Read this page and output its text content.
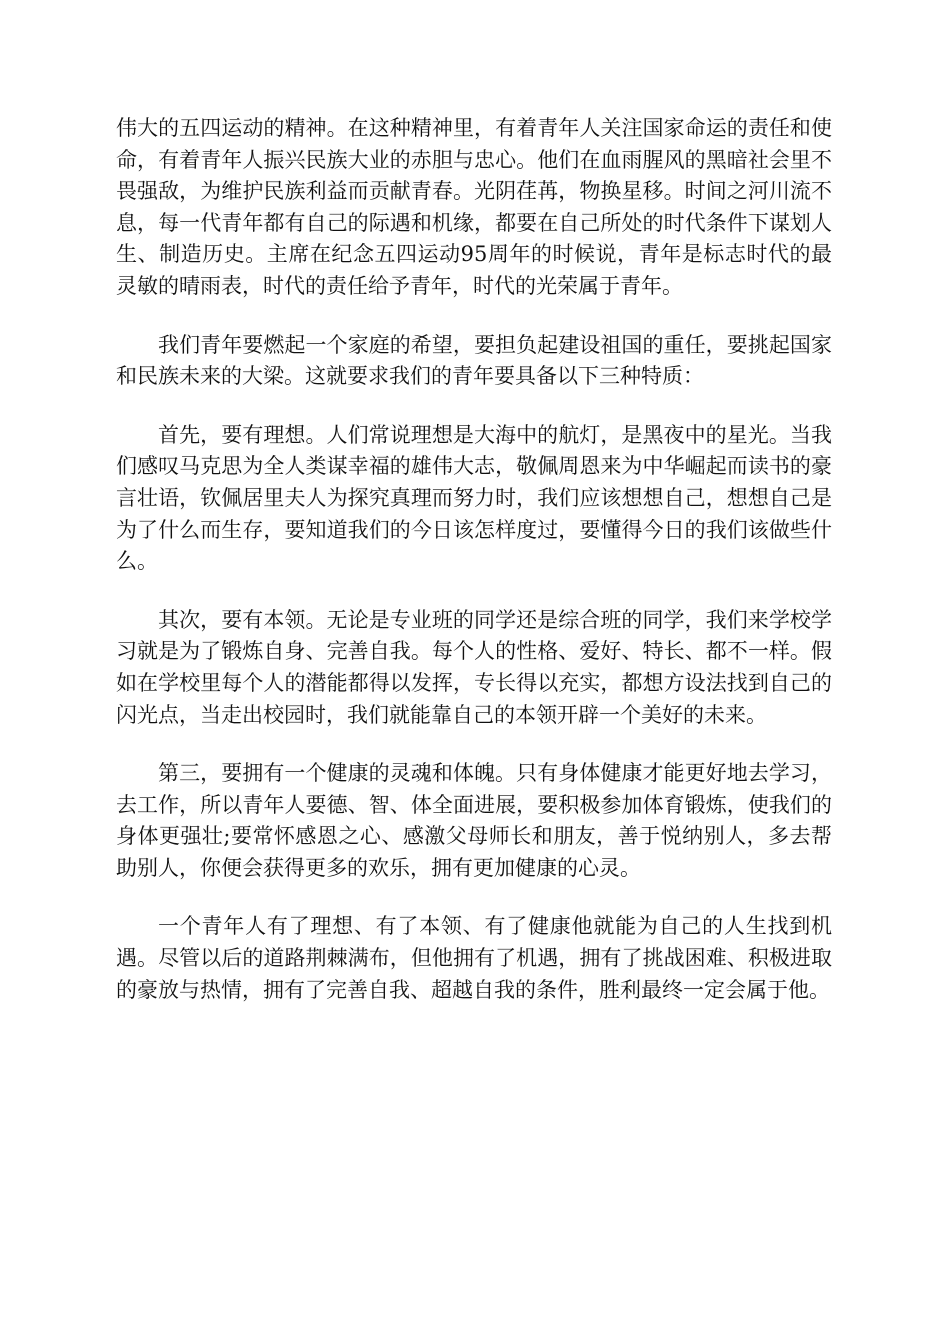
伟大的五四运动的精神。在这种精神里，有着青年人关注国家命运的责任和使命，有着青年人振兴民族大业的赤胆与忠心。他们在血雨腥风的黑暗社会里不畏强敌，为维护民族利益而贡献青春。光阴荏苒，物换星移。时间之河川流不息，每一代青年都有自己的际遇和机缘，都要在自己所处的时代条件下谋划人生、制造历史。主席在纪念五四运动95周年的时候说，青年是标志时代的最灵敏的晴雨表，时代的责任给予青年，时代的光荣属于青年。

我们青年要燃起一个家庭的希望，要担负起建设祖国的重任，要挑起国家和民族未来的大梁。这就要求我们的青年要具备以下三种特质：

首先，要有理想。人们常说理想是大海中的航灯，是黑夜中的星光。当我们感叹马克思为全人类谋幸福的雄伟大志，敬佩周恩来为中华崛起而读书的豪言壮语，钦佩居里夫人为探究真理而努力时，我们应该想想自己，想想自己是为了什么而生存，要知道我们的今日该怎样度过，要懂得今日的我们该做些什么。

其次，要有本领。无论是专业班的同学还是综合班的同学，我们来学校学习就是为了锻炼自身、完善自我。每个人的性格、爱好、特长、都不一样。假如在学校里每个人的潜能都得以发挥，专长得以充实，都想方设法找到自己的闪光点，当走出校园时，我们就能靠自己的本领开辟一个美好的未来。

第三，要拥有一个健康的灵魂和体魄。只有身体健康才能更好地去学习，去工作，所以青年人要德、智、体全面进展，要积极参加体育锻炼，使我们的身体更强壮;要常怀感恩之心、感激父母师长和朋友，善于悦纳别人，多去帮助别人，你便会获得更多的欢乐，拥有更加健康的心灵。

一个青年人有了理想、有了本领、有了健康他就能为自己的人生找到机遇。尽管以后的道路荆棘满布，但他拥有了机遇，拥有了挑战困难、积极进取的豪放与热情，拥有了完善自我、超越自我的条件，胜利最终一定会属于他。
